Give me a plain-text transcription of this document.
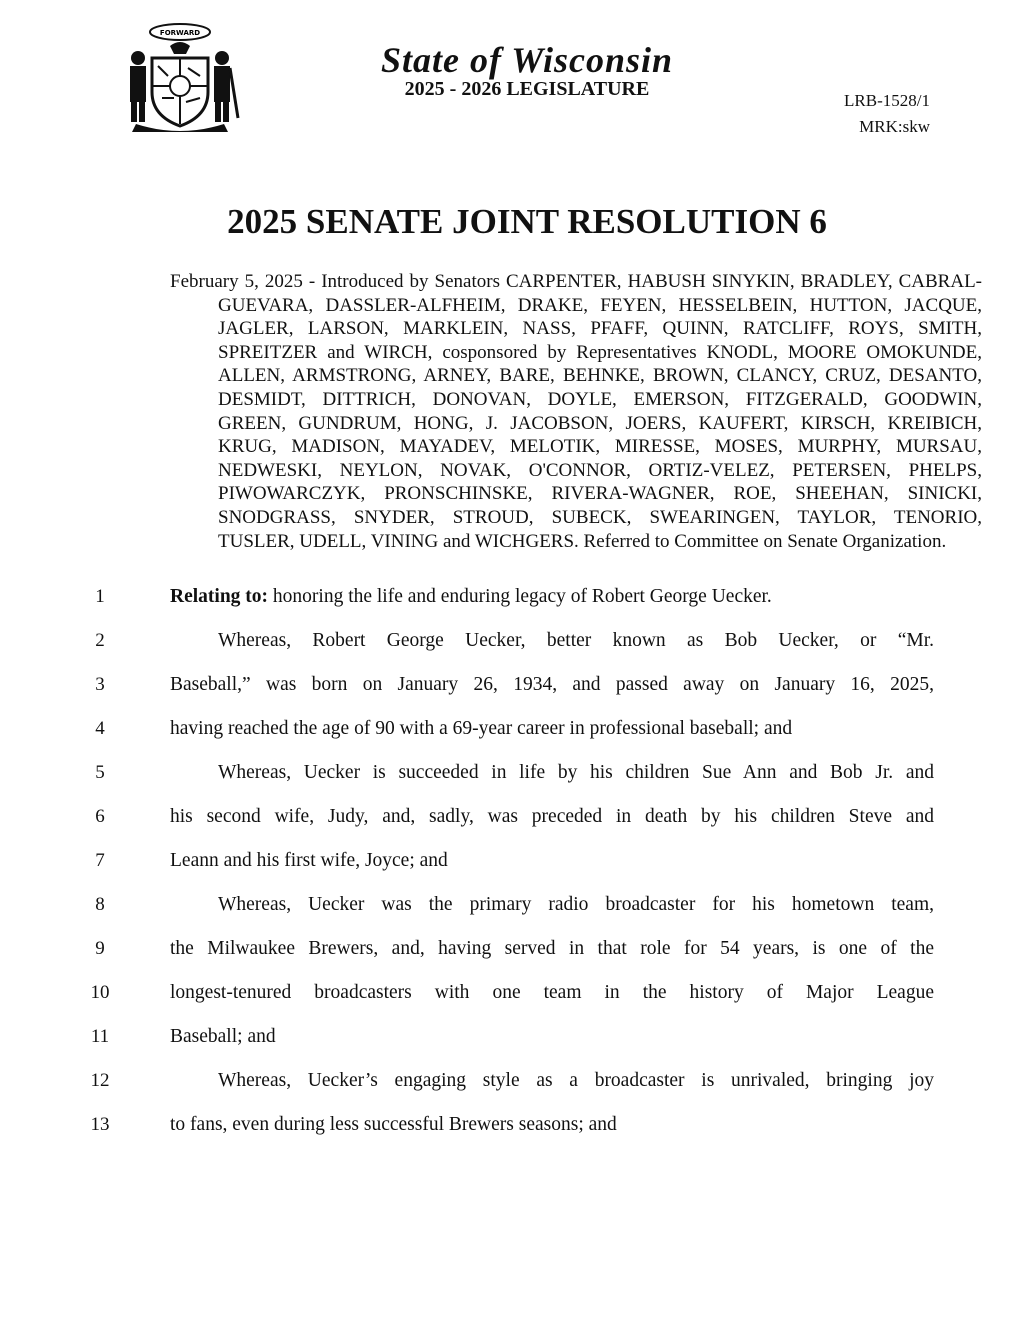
FORWARD
State of Wisconsin
2025 - 2026 LEGISLATURE
LRB-1528/1
MRK:skw
2025 SENATE JOINT RESOLUTION 6
February 5, 2025 - Introduced by Senators CARPENTER, HABUSH SINYKIN, BRADLEY, CABRAL-GUEVARA, DASSLER-ALFHEIM, DRAKE, FEYEN, HESSELBEIN, HUTTON, JACQUE, JAGLER, LARSON, MARKLEIN, NASS, PFAFF, QUINN, RATCLIFF, ROYS, SMITH, SPREITZER and WIRCH, cosponsored by Representatives KNODL, MOORE OMOKUNDE, ALLEN, ARMSTRONG, ARNEY, BARE, BEHNKE, BROWN, CLANCY, CRUZ, DESANTO, DESMIDT, DITTRICH, DONOVAN, DOYLE, EMERSON, FITZGERALD, GOODWIN, GREEN, GUNDRUM, HONG, J. JACOBSON, JOERS, KAUFERT, KIRSCH, KREIBICH, KRUG, MADISON, MAYADEV, MELOTIK, MIRESSE, MOSES, MURPHY, MURSAU, NEDWESKI, NEYLON, NOVAK, O'CONNOR, ORTIZ-VELEZ, PETERSEN, PHELPS, PIWOWARCZYK, PRONSCHINSKE, RIVERA-WAGNER, ROE, SHEEHAN, SINICKI, SNODGRASS, SNYDER, STROUD, SUBECK, SWEARINGEN, TAYLOR, TENORIO, TUSLER, UDELL, VINING and WICHGERS. Referred to Committee on Senate Organization.
1	Relating to: honoring the life and enduring legacy of Robert George Uecker.
2	Whereas, Robert George Uecker, better known as Bob Uecker, or “Mr.
3	Baseball,” was born on January 26, 1934, and passed away on January 16, 2025,
4	having reached the age of 90 with a 69-year career in professional baseball; and
5	Whereas, Uecker is succeeded in life by his children Sue Ann and Bob Jr. and
6	his second wife, Judy, and, sadly, was preceded in death by his children Steve and
7	Leann and his first wife, Joyce; and
8	Whereas, Uecker was the primary radio broadcaster for his hometown team,
9	the Milwaukee Brewers, and, having served in that role for 54 years, is one of the
10	longest-tenured broadcasters with one team in the history of Major League
11	Baseball; and
12	Whereas, Uecker’s engaging style as a broadcaster is unrivaled, bringing joy
13	to fans, even during less successful Brewers seasons; and
